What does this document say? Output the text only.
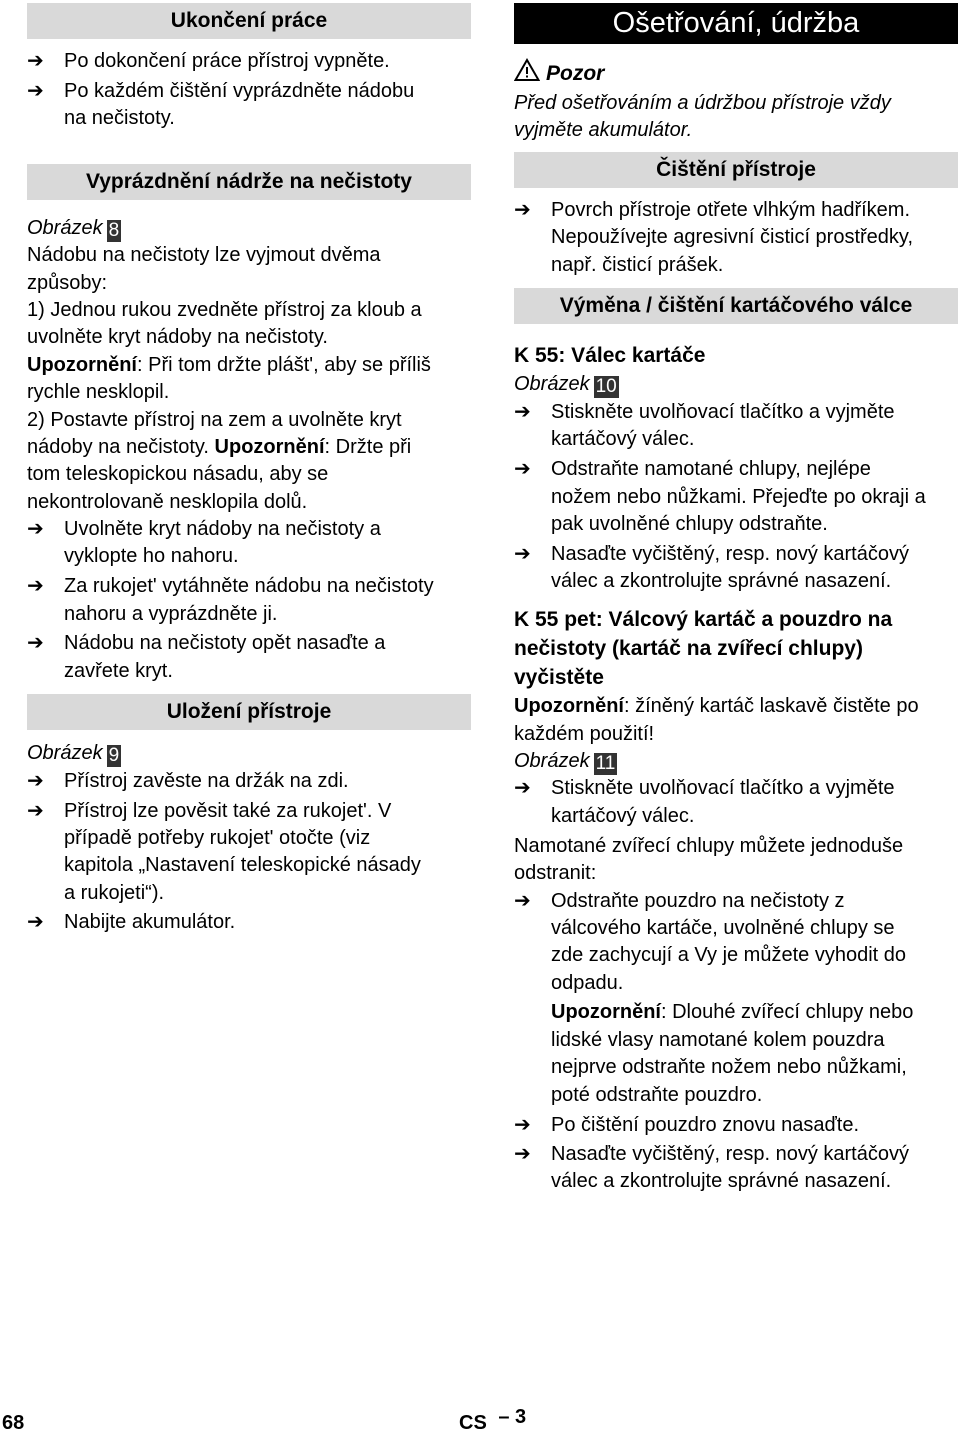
Ukončení práce
➔ Po dokončení práce přístroj vypněte.
➔ Po každém čištění vyprázdněte nádobu
na nečistoty.
Vyprázdnění nádrže na nečistoty
Obrázek 8
Nádobu na nečistoty lze vyjmout dvěma
způsoby:
1) Jednou rukou zvedněte přístroj za kloub a
uvolněte kryt nádoby na nečistoty.
Upozornění: Při tom držte plášt', aby se příliš
rychle nesklopil.
2) Postavte přístroj na zem a uvolněte kryt
nádoby na nečistoty. Upozornění: Držte při
tom teleskopickou násadu, aby se
nekontrolovaně nesklopila dolů.
➔ Uvolněte kryt nádoby na nečistoty a
vyklopte ho nahoru.
➔ Za rukojet' vytáhněte nádobu na nečistoty
nahoru a vyprázdněte ji.
➔ Nádobu na nečistoty opět nasaďte a
zavřete kryt.
Uložení přístroje
Obrázek 9
➔ Přístroj zavěste na držák na zdi.
➔ Přístroj lze pověsit také za rukojet'. V
případě potřeby rukojet' otočte (viz
kapitola „Nastavení teleskopické násady
a rukojeti“).
➔ Nabijte akumulátor.
Ošetřování, údržba
Pozor
Před ošetřováním a údržbou přístroje vždy
vyjměte akumulátor.
Čištění přístroje
➔ Povrch přístroje otřete vlhkým hadříkem.
Nepoužívejte agresivní čisticí prostředky,
např. čisticí prášek.
Výměna / čištění kartáčového válce
K 55: Válec kartáče
Obrázek 10
➔ Stiskněte uvolňovací tlačítko a vyjměte
kartáčový válec.
➔ Odstraňte namotané chlupy, nejlépe
nožem nebo nůžkami. Přejeďte po okraji a
pak uvolněné chlupy odstraňte.
➔ Nasaďte vyčištěný, resp. nový kartáčový
válec a zkontrolujte správné nasazení.
K 55 pet: Válcový kartáč a pouzdro na
nečistoty (kartáč na zvířecí chlupy)
vyčistěte
Upozornění: žíněný kartáč laskavě čistěte po
každém použití!
Obrázek 11
➔ Stiskněte uvolňovací tlačítko a vyjměte
kartáčový válec.
Namotané zvířecí chlupy můžete jednoduše
odstranit:
➔ Odstraňte pouzdro na nečistoty z
válcového kartáče, uvolněné chlupy se
zde zachycují a Vy je můžete vyhodit do
odpadu.
Upozornění: Dlouhé zvířecí chlupy nebo
lidské vlasy namotané kolem pouzdra
nejprve odstraňte nožem nebo nůžkami,
poté odstraňte pouzdro.
➔ Po čištění pouzdro znovu nasaďte.
➔ Nasaďte vyčištěný, resp. nový kartáčový
válec a zkontrolujte správné nasazení.
68	CS – 3
